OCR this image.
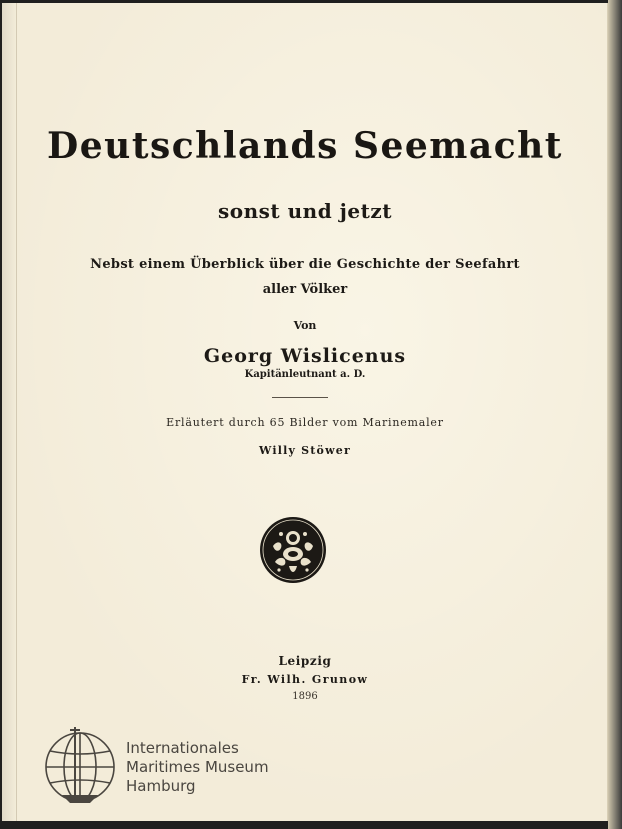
Deutschlands Seemacht
sonst und jetzt
Nebst einem Überblick über die Geschichte der Seefahrt
aller Völker
Von
Georg Wislicenus
Kapitänleutnant a. D.
Erläutert durch 65 Bilder vom Marinemaler
Willy Stöwer
Leipzig
Fr. Wilh. Grunow
1896
Internationales
Maritimes Museum
Hamburg
